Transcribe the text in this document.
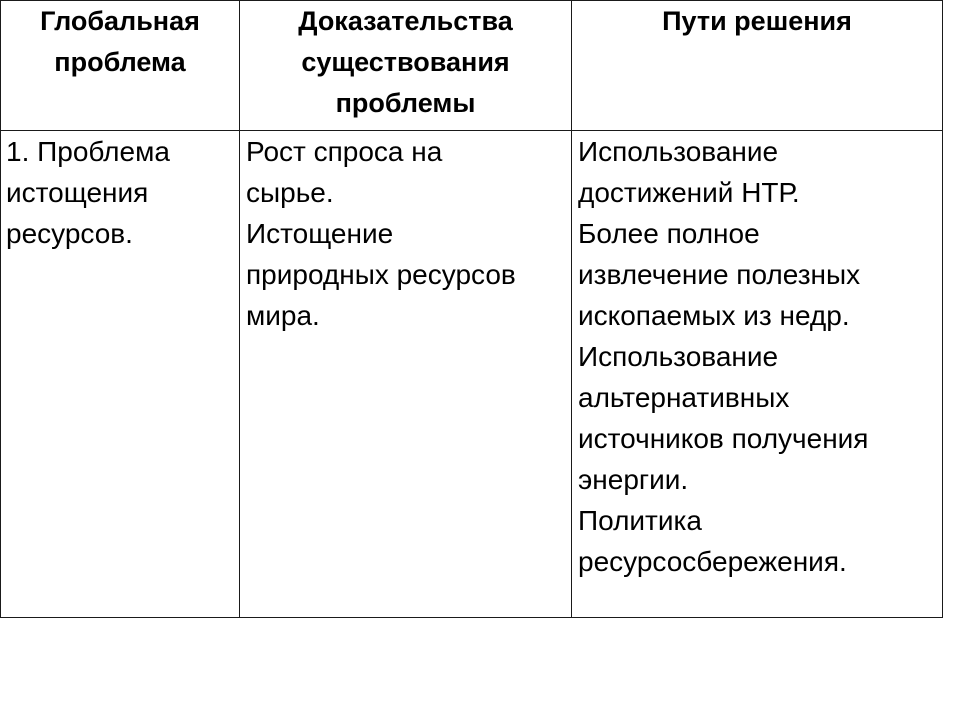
Глобальная
проблема
Доказательства
существования
проблемы
Пути решения
1. Проблема
истощения
ресурсов.
Рост спроса на
сырье.
Истощение
природных ресурсов
мира.
Использование
достижений НТР.
Более полное
извлечение полезных
ископаемых из недр.
Использование
альтернативных
источников получения
энергии.
Политика
ресурсосбережения.
